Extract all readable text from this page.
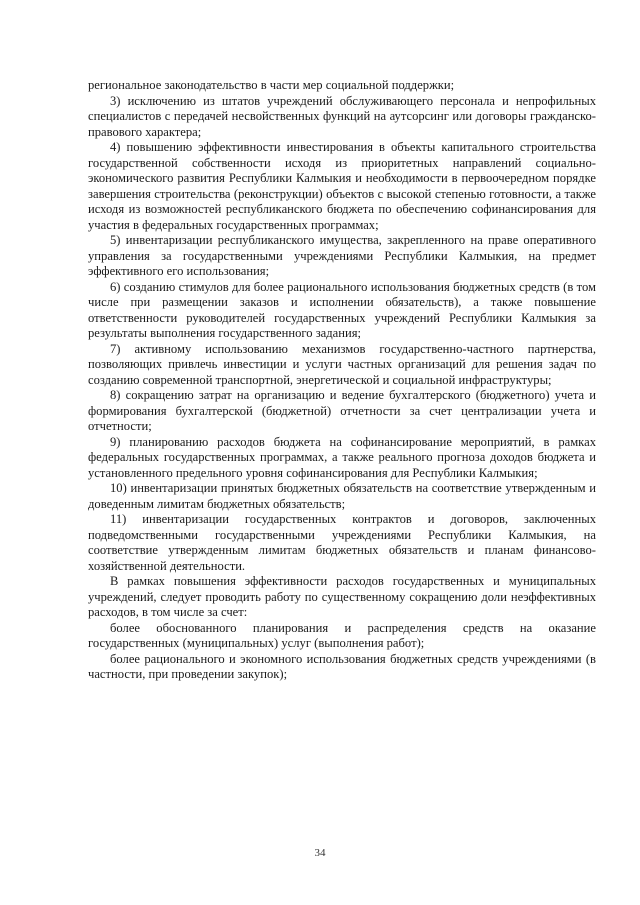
региональное законодательство в части мер социальной поддержки;

3) исключению из штатов учреждений обслуживающего персонала и непрофильных специалистов с передачей несвойственных функций на аутсорсинг или договоры гражданско-правового характера;

4) повышению эффективности инвестирования в объекты капитального строительства государственной собственности исходя из приоритетных направлений социально-экономического развития Республики Калмыкия и необходимости в первоочередном порядке завершения строительства (реконструкции) объектов с высокой степенью готовности, а также исходя из возможностей республиканского бюджета по обеспечению софинансирования для участия в федеральных государственных программах;

5) инвентаризации республиканского имущества, закрепленного на праве оперативного управления за государственными учреждениями Республики Калмыкия, на предмет эффективного его использования;

6) созданию стимулов для более рационального использования бюджетных средств (в том числе при размещении заказов и исполнении обязательств), а также повышение ответственности руководителей государственных учреждений Республики Калмыкия за результаты выполнения государственного задания;

7) активному использованию механизмов государственно-частного партнерства, позволяющих привлечь инвестиции и услуги частных организаций для решения задач по созданию современной транспортной, энергетической и социальной инфраструктуры;

8) сокращению затрат на организацию и ведение бухгалтерского (бюджетного) учета и формирования бухгалтерской (бюджетной) отчетности за счет централизации учета и отчетности;

9) планированию расходов бюджета на софинансирование мероприятий, в рамках федеральных государственных программах, а также реального прогноза доходов бюджета и установленного предельного уровня софинансирования для Республики Калмыкия;

10) инвентаризации принятых бюджетных обязательств на соответствие утвержденным и доведенным лимитам бюджетных обязательств;

11) инвентаризации государственных контрактов и договоров, заключенных подведомственными государственными учреждениями Республики Калмыкия, на соответствие утвержденным лимитам бюджетных обязательств и планам финансово-хозяйственной деятельности.

В рамках повышения эффективности расходов государственных и муниципальных учреждений, следует проводить работу по существенному сокращению доли неэффективных расходов, в том числе за счет:

более обоснованного планирования и распределения средств на оказание государственных (муниципальных) услуг (выполнения работ);

более рационального и экономного использования бюджетных средств учреждениями (в частности, при проведении закупок);

34
